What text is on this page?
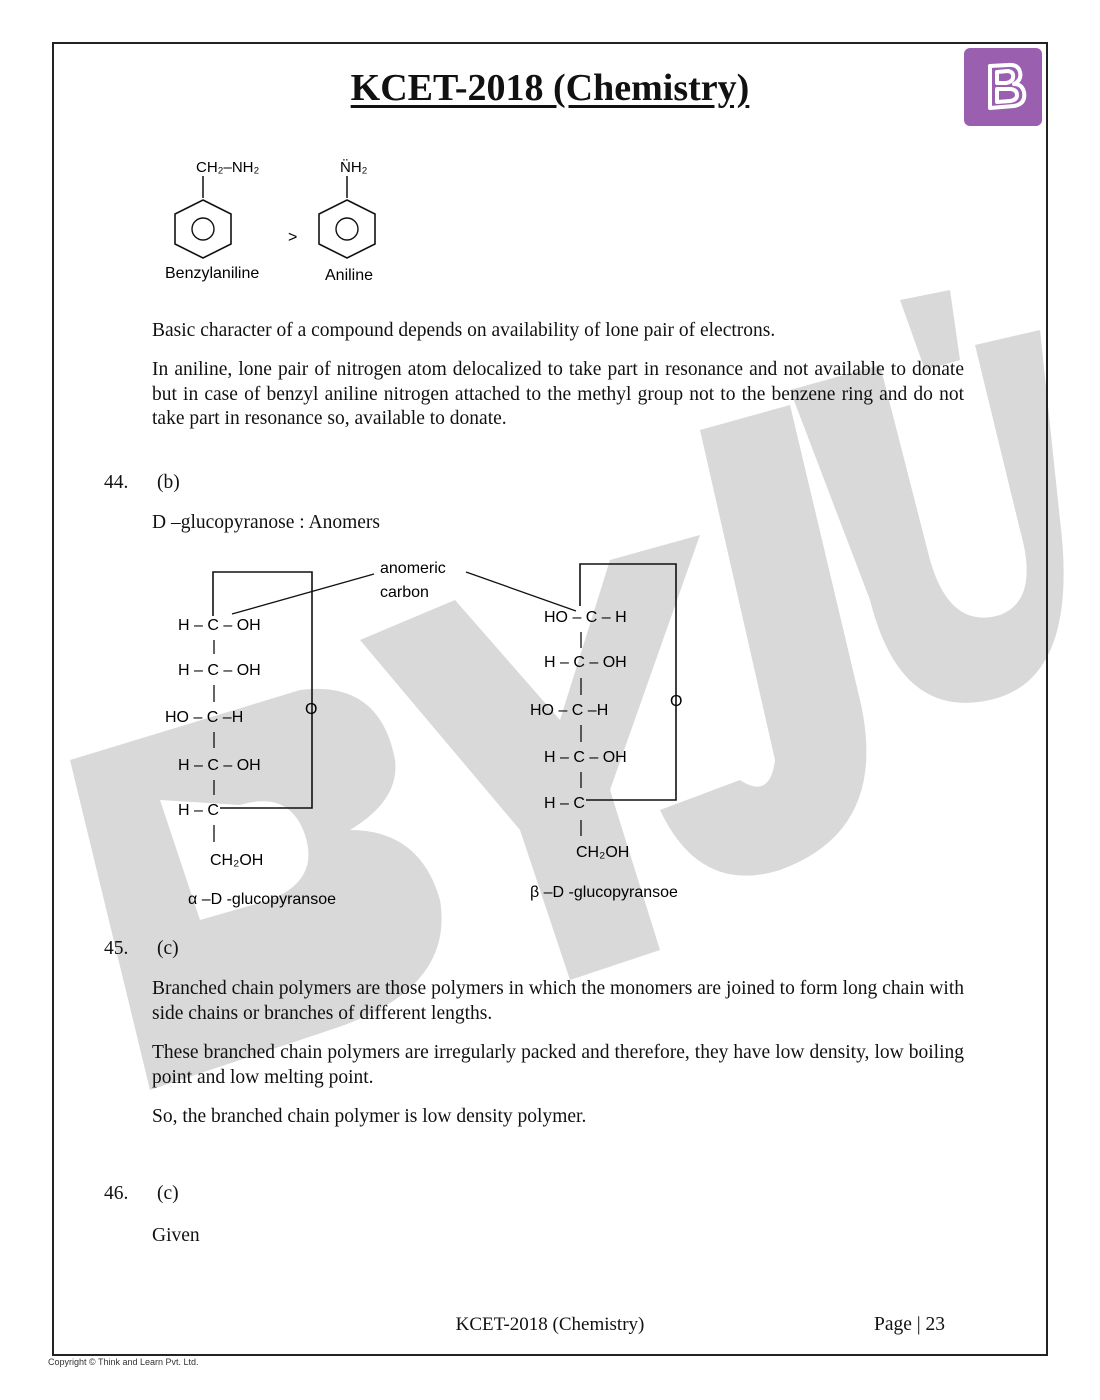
KCET-2018 (Chemistry)
CH₂–NH₂
>
N̈H₂
Benzylaniline	Aniline
Basic character of a compound depends on availability of lone pair of electrons.
In aniline, lone pair of nitrogen atom delocalized to take part in resonance and not available to donate but in case of benzyl aniline nitrogen attached to the methyl group not to the benzene ring and do not take part in resonance so, available to donate.
44. (b)
D –glucopyranose : Anomers
anomeric
carbon
O
H – C – OH
H – C – OH
HO – C –H
H – C – OH
H – C
CH₂OH
α –D -glucopyransoe
O
HO – C – H
H – C – OH
HO – C –H
H – C – OH
H – C
CH₂OH
β –D -glucopyransoe
45. (c)
Branched chain polymers are those polymers in which the monomers are joined to form long chain with side chains or branches of different lengths.
These branched chain polymers are irregularly packed and therefore, they have low density, low boiling point and low melting point.
So, the branched chain polymer is low density polymer.
46. (c)
Given
KCET-2018 (Chemistry)	Page | 23
Copyright © Think and Learn Pvt. Ltd.
